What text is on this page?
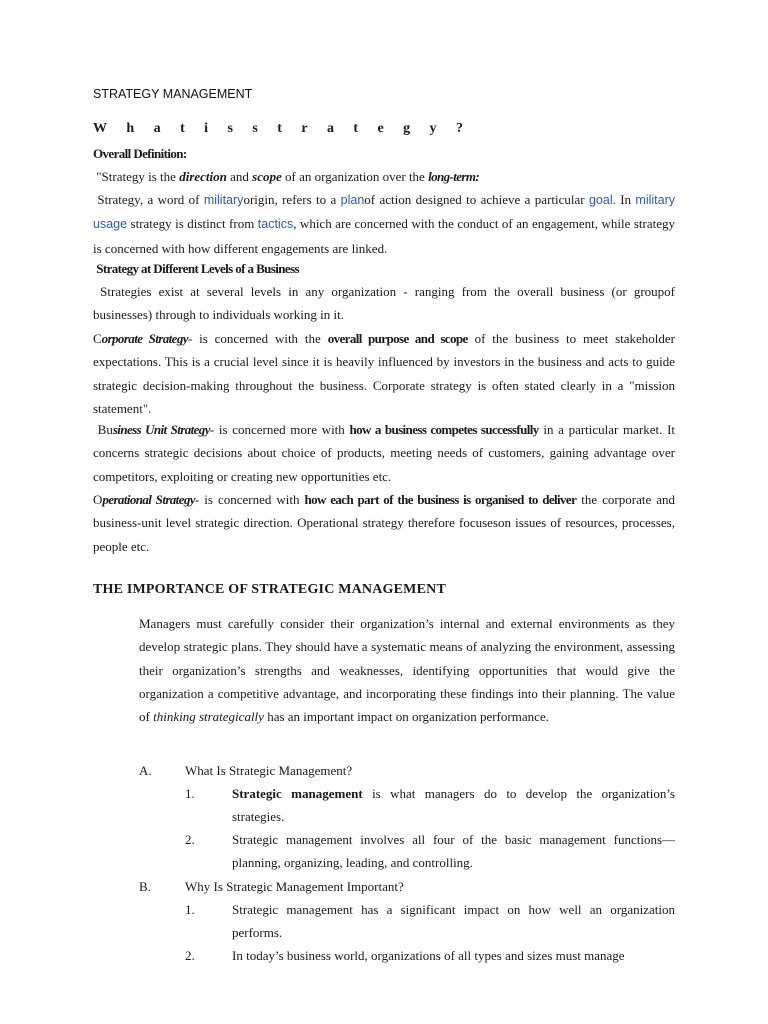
STRATEGY MANAGEMENT
W h a t i s s t r a t e g y ?

Overall Definition:

"Strategy is the direction and scope of an organization over the long-term:

Strategy, a word of militaryorigin, refers to a planof action designed to achieve a particular goal. In military usage strategy is distinct from tactics, which are concerned with the conduct of an engagement, while strategy is concerned with how different engagements are linked.

Strategy at Different Levels of a Business

Strategies exist at several levels in any organization - ranging from the overall business (or groupof businesses) through to individuals working in it.

Corporate Strategy- is concerned with the overall purpose and scope of the business to meet stakeholder expectations. This is a crucial level since it is heavily influenced by investors in the business and acts to guide strategic decision-making throughout the business. Corporate strategy is often stated clearly in a "mission statement".

Business Unit Strategy- is concerned more with how a business competes successfully in a particular market. It concerns strategic decisions about choice of products, meeting needs of customers, gaining advantage over competitors, exploiting or creating new opportunities etc.

Operational Strategy- is concerned with how each part of the business is organised to deliver the corporate and business-unit level strategic direction. Operational strategy therefore focuseson issues of resources, processes, people etc.

THE IMPORTANCE OF STRATEGIC MANAGEMENT

Managers must carefully consider their organization’s internal and external environments as they develop strategic plans. They should have a systematic means of analyzing the environment, assessing their organization’s strengths and weaknesses, identifying opportunities that would give the organization a competitive advantage, and incorporating these findings into their planning. The value of thinking strategically has an important impact on organization performance.

A.	What Is Strategic Management?
1.	Strategic management is what managers do to develop the organization’s strategies.

2.	Strategic management involves all four of the basic management functions—planning, organizing, leading, and controlling.

B.	Why Is Strategic Management Important?
1.	Strategic management has a significant impact on how well an organization performs.

2.	In today’s business world, organizations of all types and sizes must manage
